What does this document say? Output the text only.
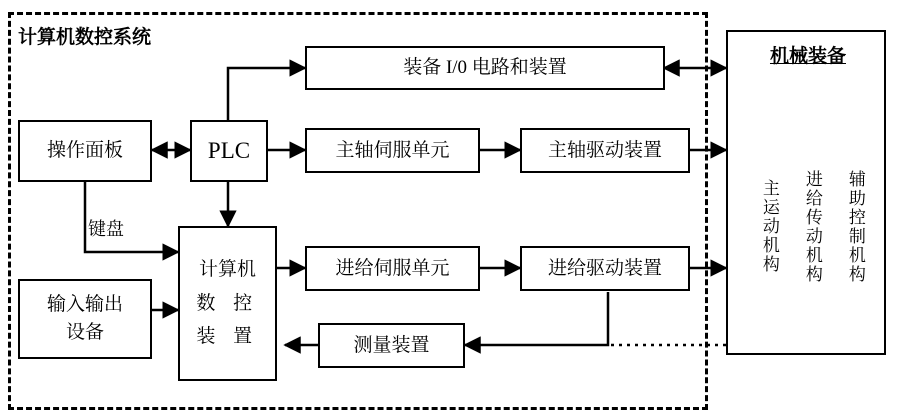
计算机数控系统
装备 I/0 电路和装置
操作面板	PLC	主轴伺服单元	主轴驱动装置
计算机
数 控
装 置
进给伺服单元	进给驱动装置
输入输出
设备
测量装置

机械装备

辅助控制机构

进给传动机构

主运动机构

键盘
